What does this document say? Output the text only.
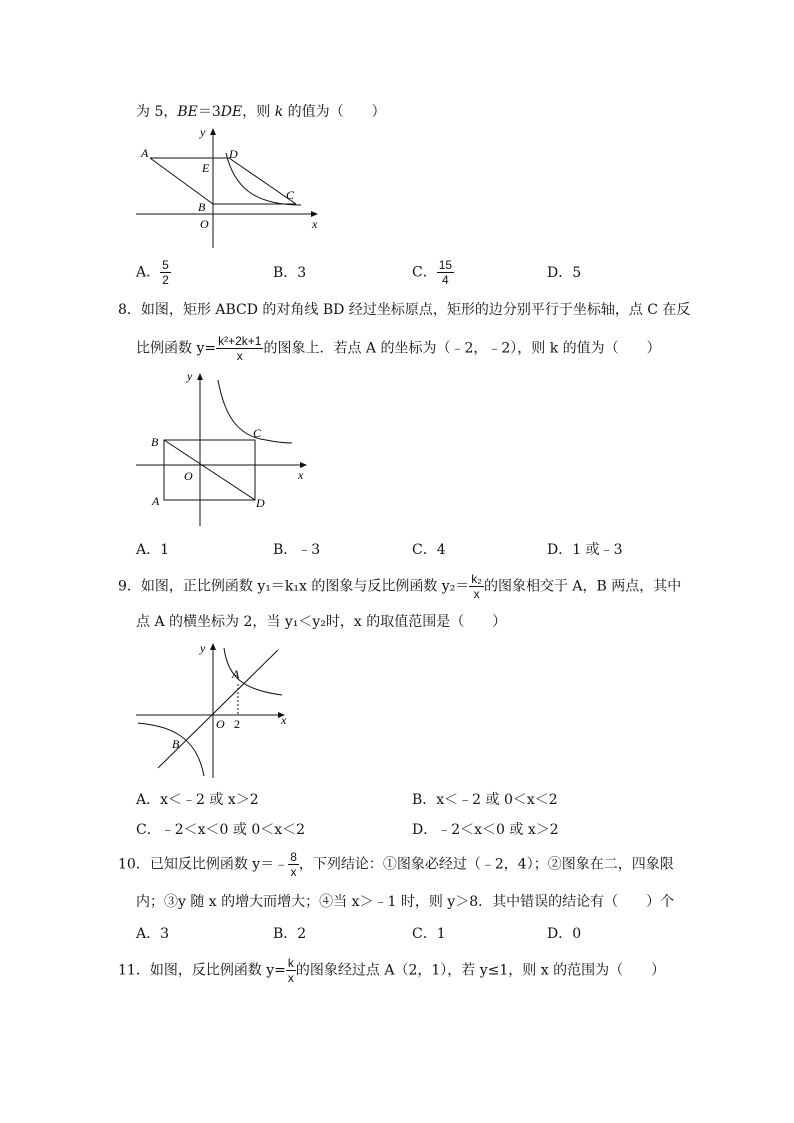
为 5，BE＝3DE，则 k 的值为（　　）
A
E
D
C
B
O	x
y
A． $\frac{5}{2}$	B．3	C． $\frac{15}{4}$	D．5
8．如图，矩形 ABCD 的对角线 BD 经过坐标原点，矩形的边分别平行于坐标轴，点 C 在反
比例函数 $y= \frac{\text{k²+2k+1}}{x}$ 的图象上．若点 A 的坐标为（﹣2，﹣2），则 k 的值为（　　）
B
C
O
A	D
x
y
A．1	B．﹣3	C．4	D．1 或﹣3
9．如图，正比例函数 y₁＝k₁x 的图象与反比例函数 $y_2= \frac{\text{k₂}}{x}$ 的图象相交于 A，B 两点，其中
点 A 的横坐标为 2，当 y₁＜y₂时，x 的取值范围是（　　）
A
B
O 2	x
y
A．x＜﹣2 或 x＞2	B．x＜﹣2 或 0＜x＜2
C．﹣2＜x＜0 或 0＜x＜2	D．﹣2＜x＜0 或 x＞2
10．已知反比例函数 y＝﹣ $\frac{8}{x}$ ，下列结论：①图象必经过（﹣2，4）；②图象在二，四象限
内；③y 随 x 的增大而增大；④当 x＞﹣1 时，则 y＞8．其中错误的结论有（　　）个
A．3	B．2	C．1	D．0
11．如图，反比例函数 $y= \frac{k}{x}$ 的图象经过点 A（2，1），若 y≤1，则 x 的范围为（　　）
